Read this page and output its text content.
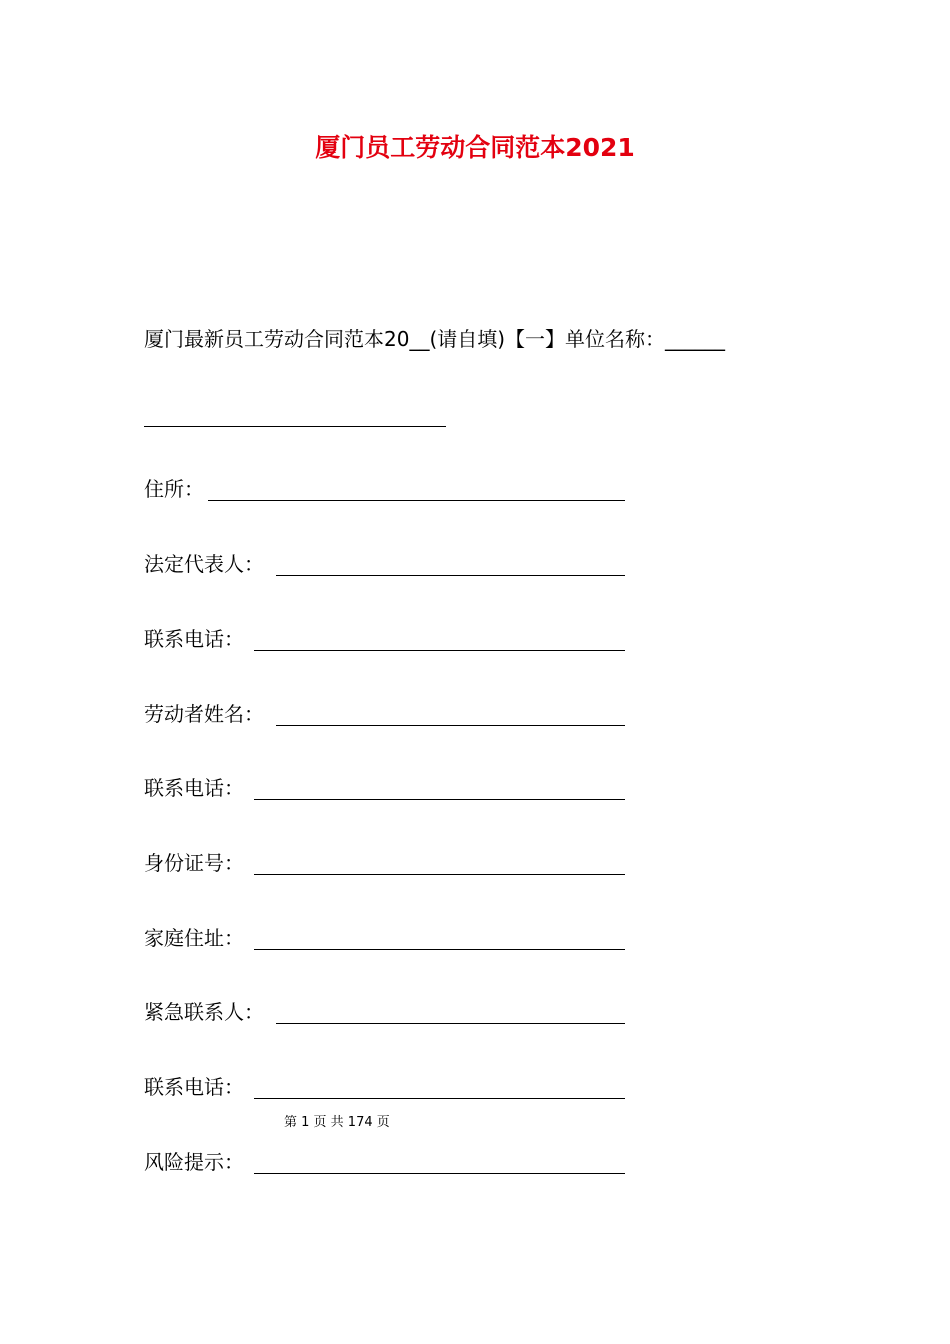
厦门员工劳动合同范本2021
厦门最新员工劳动合同范本20__(请自填)【一】单位名称：______
住所：
法定代表人：
联系电话：
劳动者姓名：
联系电话：
身份证号：
家庭住址：
紧急联系人：
联系电话：
第 1 页 共 174 页
风险提示：
